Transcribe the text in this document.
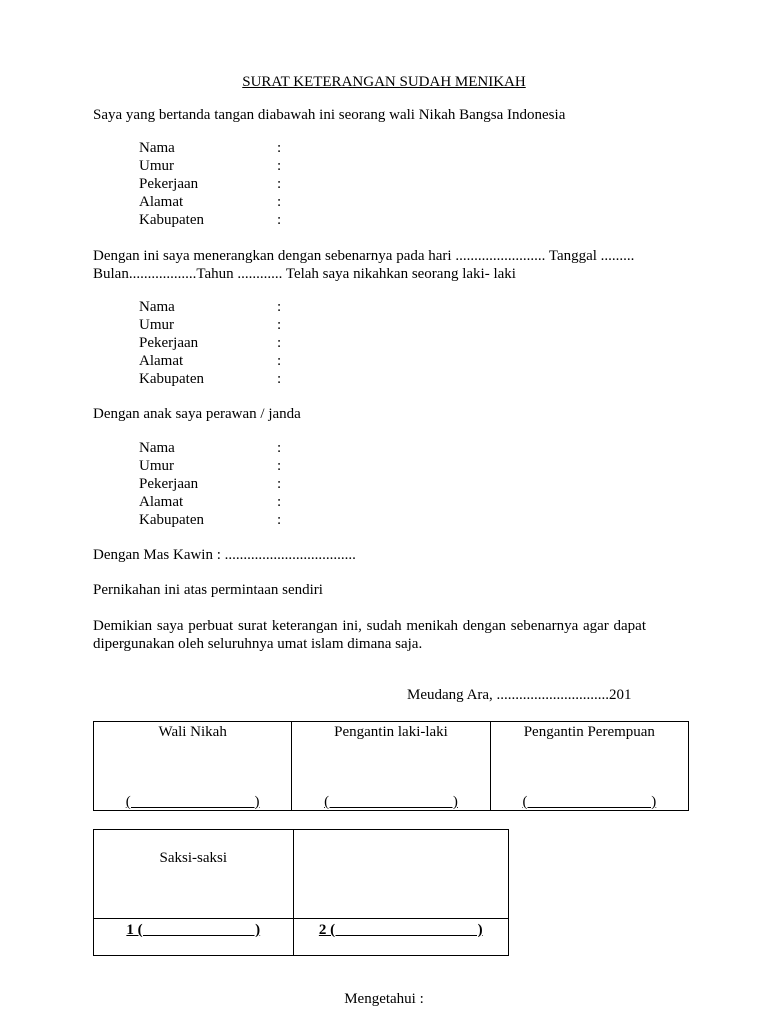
SURAT KETERANGAN SUDAH MENIKAH
Saya yang bertanda tangan diabawah ini seorang wali Nikah Bangsa Indonesia
Nama	:
Umur	:
Pekerjaan	:
Alamat	:
Kabupaten	:
Dengan ini saya menerangkan dengan sebenarnya pada hari ........................ Tanggal .........
Bulan..................Tahun ............ Telah saya nikahkan seorang laki- laki
Nama	:
Umur	:
Pekerjaan	:
Alamat	:
Kabupaten	:
Dengan anak saya perawan / janda
Nama	:
Umur	:
Pekerjaan	:
Alamat	:
Kabupaten	:
Dengan Mas Kawin : ...................................
Pernikahan ini atas permintaan sendiri
Demikian saya perbuat surat keterangan ini, sudah menikah dengan sebenarnya agar dapat dipergunakan oleh seluruhnya umat islam dimana saja.
Meudang Ara, ..............................201
Wali Nikah
(                                 )

Pengantin laki-laki
(                                 )

Pengantin Perempuan
(                                 )
Saksi-saksi	

1 (                              )	2 (                                      )
Mengetahui :
